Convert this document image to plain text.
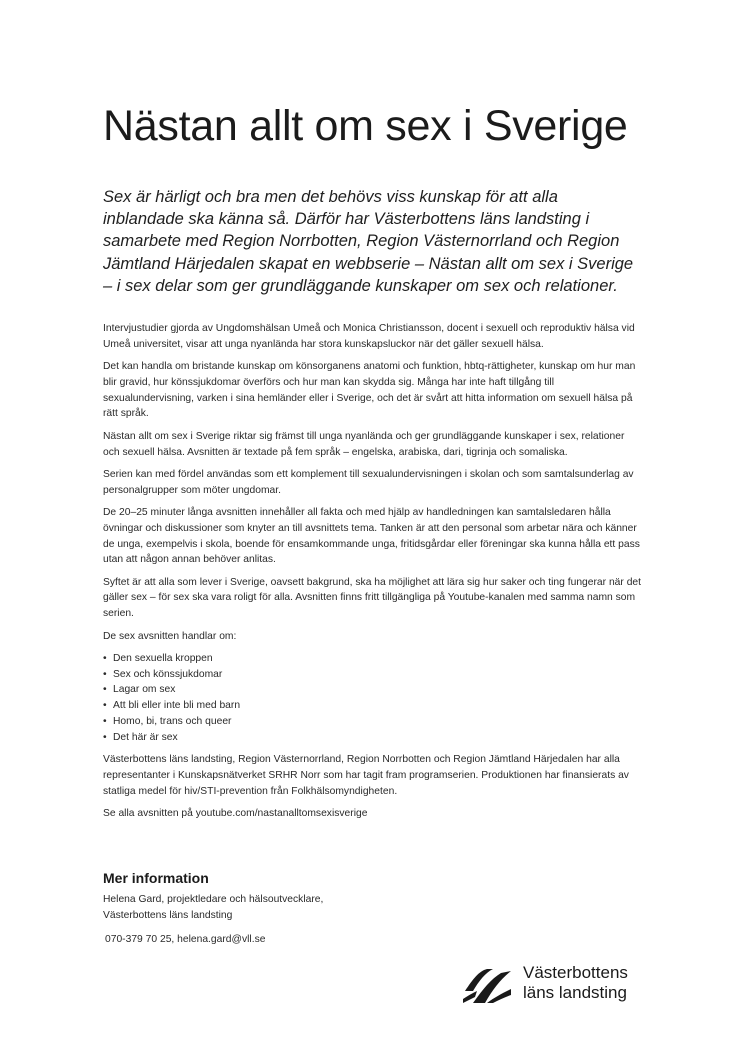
Nästan allt om sex i Sverige

Sex är härligt och bra men det behövs viss kunskap för att alla inblandade ska känna så. Därför har Västerbottens läns landsting i samarbete med Region Norrbotten, Region Västernorrland och Region Jämtland Härjedalen skapat en webbserie – Nästan allt om sex i Sverige – i sex delar som ger grundläggande kunskaper om sex och relationer.

Intervjustudier gjorda av Ungdomshälsan Umeå och Monica Christiansson, docent i sexuell och reproduktiv hälsa vid Umeå universitet, visar att unga nyanlända har stora kunskapsluckor när det gäller sexuell hälsa.

Det kan handla om bristande kunskap om könsorganens anatomi och funktion, hbtq-rättigheter, kunskap om hur man blir gravid, hur könssjukdomar överförs och hur man kan skydda sig. Många har inte haft tillgång till sexualundervisning, varken i sina hemländer eller i Sverige, och det är svårt att hitta information om sexuell hälsa på rätt språk.

Nästan allt om sex i Sverige riktar sig främst till unga nyanlända och ger grundläggande kunskaper i sex, relationer och sexuell hälsa. Avsnitten är textade på fem språk – engelska, arabiska, dari, tigrinja och somaliska.

Serien kan med fördel användas som ett komplement till sexualundervisningen i skolan och som samtalsunderlag av personalgrupper som möter ungdomar.

De 20–25 minuter långa avsnitten innehåller all fakta och med hjälp av handledningen kan samtalsledaren hålla övningar och diskussioner som knyter an till avsnittets tema. Tanken är att den personal som arbetar nära och känner de unga, exempelvis i skola, boende för ensamkommande unga, fritidsgårdar eller föreningar ska kunna hålla ett pass utan att någon annan behöver anlitas.

Syftet är att alla som lever i Sverige, oavsett bakgrund, ska ha möjlighet att lära sig hur saker och ting fungerar när det gäller sex – för sex ska vara roligt för alla. Avsnitten finns fritt tillgängliga på Youtube-kanalen med samma namn som serien.

De sex avsnitten handlar om:

• Den sexuella kroppen
• Sex och könssjukdomar
• Lagar om sex
• Att bli eller inte bli med barn
• Homo, bi, trans och queer
• Det här är sex

Västerbottens läns landsting, Region Västernorrland, Region Norrbotten och Region Jämtland Härjedalen har alla representanter i Kunskapsnätverket SRHR Norr som har tagit fram programserien. Produktionen har finansierats av statliga medel för hiv/STI-prevention från Folkhälsomyndigheten.

Se alla avsnitten på youtube.com/nastanalltomsexisverige

Mer information
Helena Gard, projektledare och hälsoutvecklare,
Västerbottens läns landsting
070-379 70 25, helena.gard@vll.se
Västerbottens
läns landsting
